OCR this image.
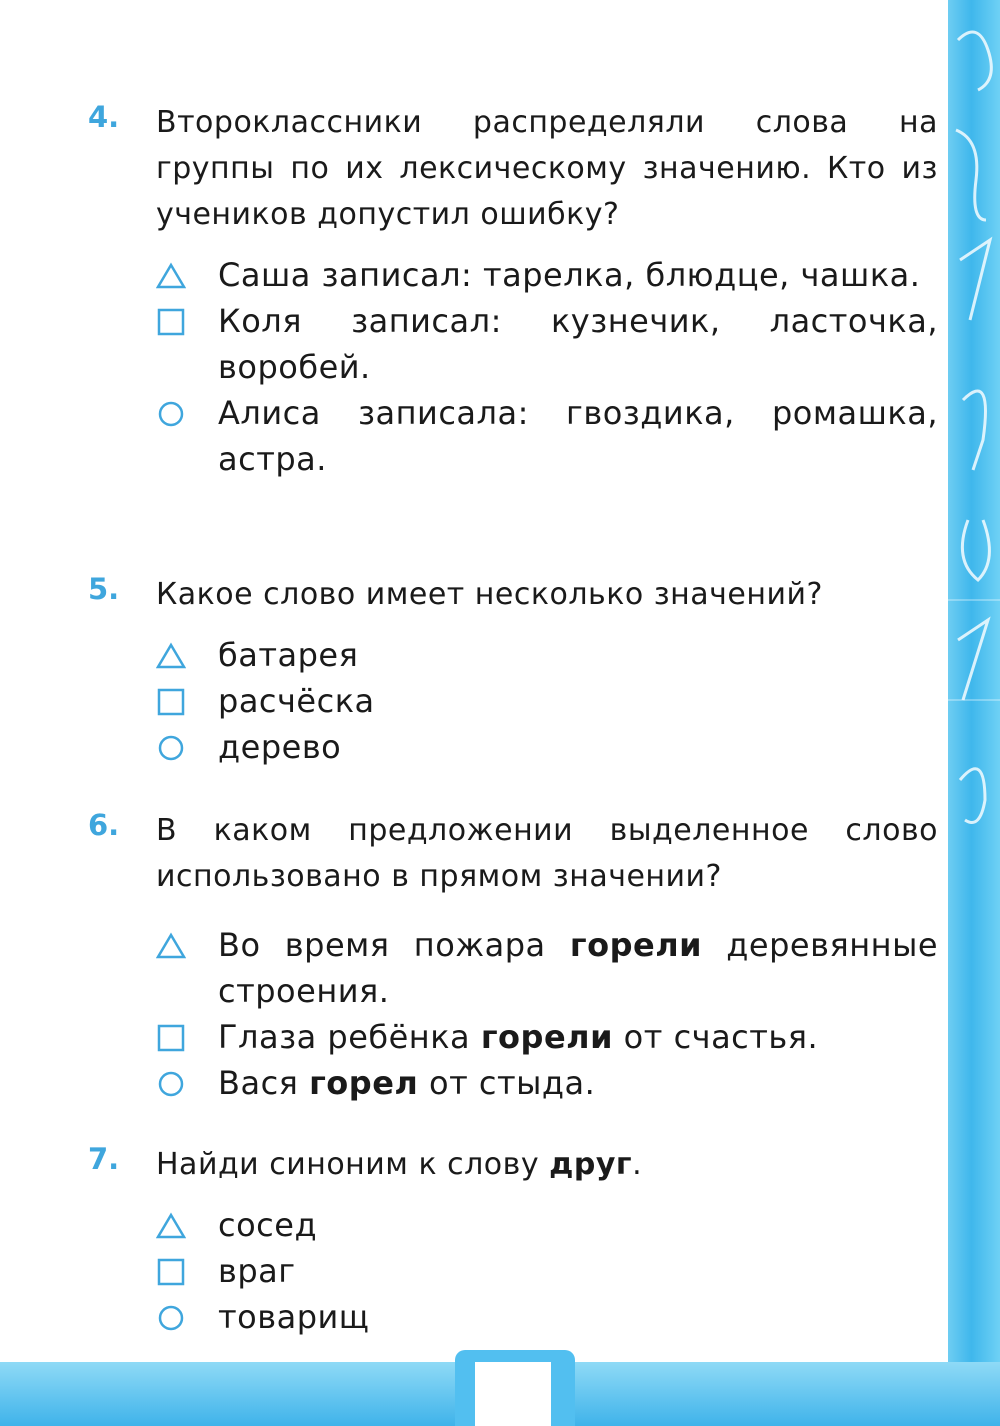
4. Второклассники распределяли слова на группы по их лексическому значению. Кто из учеников допустил ошибку?
Саша записал: тарелка, блюдце, чашка.
Коля записал: кузнечик, ласточка, воробей.
Алиса записала: гвоздика, ромашка, астра.
5. Какое слово имеет несколько значений?
батарея
расчёска
дерево
6. В каком предложении выделенное слово использовано в прямом значении?
Во время пожара горели деревянные строения.
Глаза ребёнка горели от счастья.
Вася горел от стыда.
7. Найди синоним к слову друг.
сосед
враг
товарищ
